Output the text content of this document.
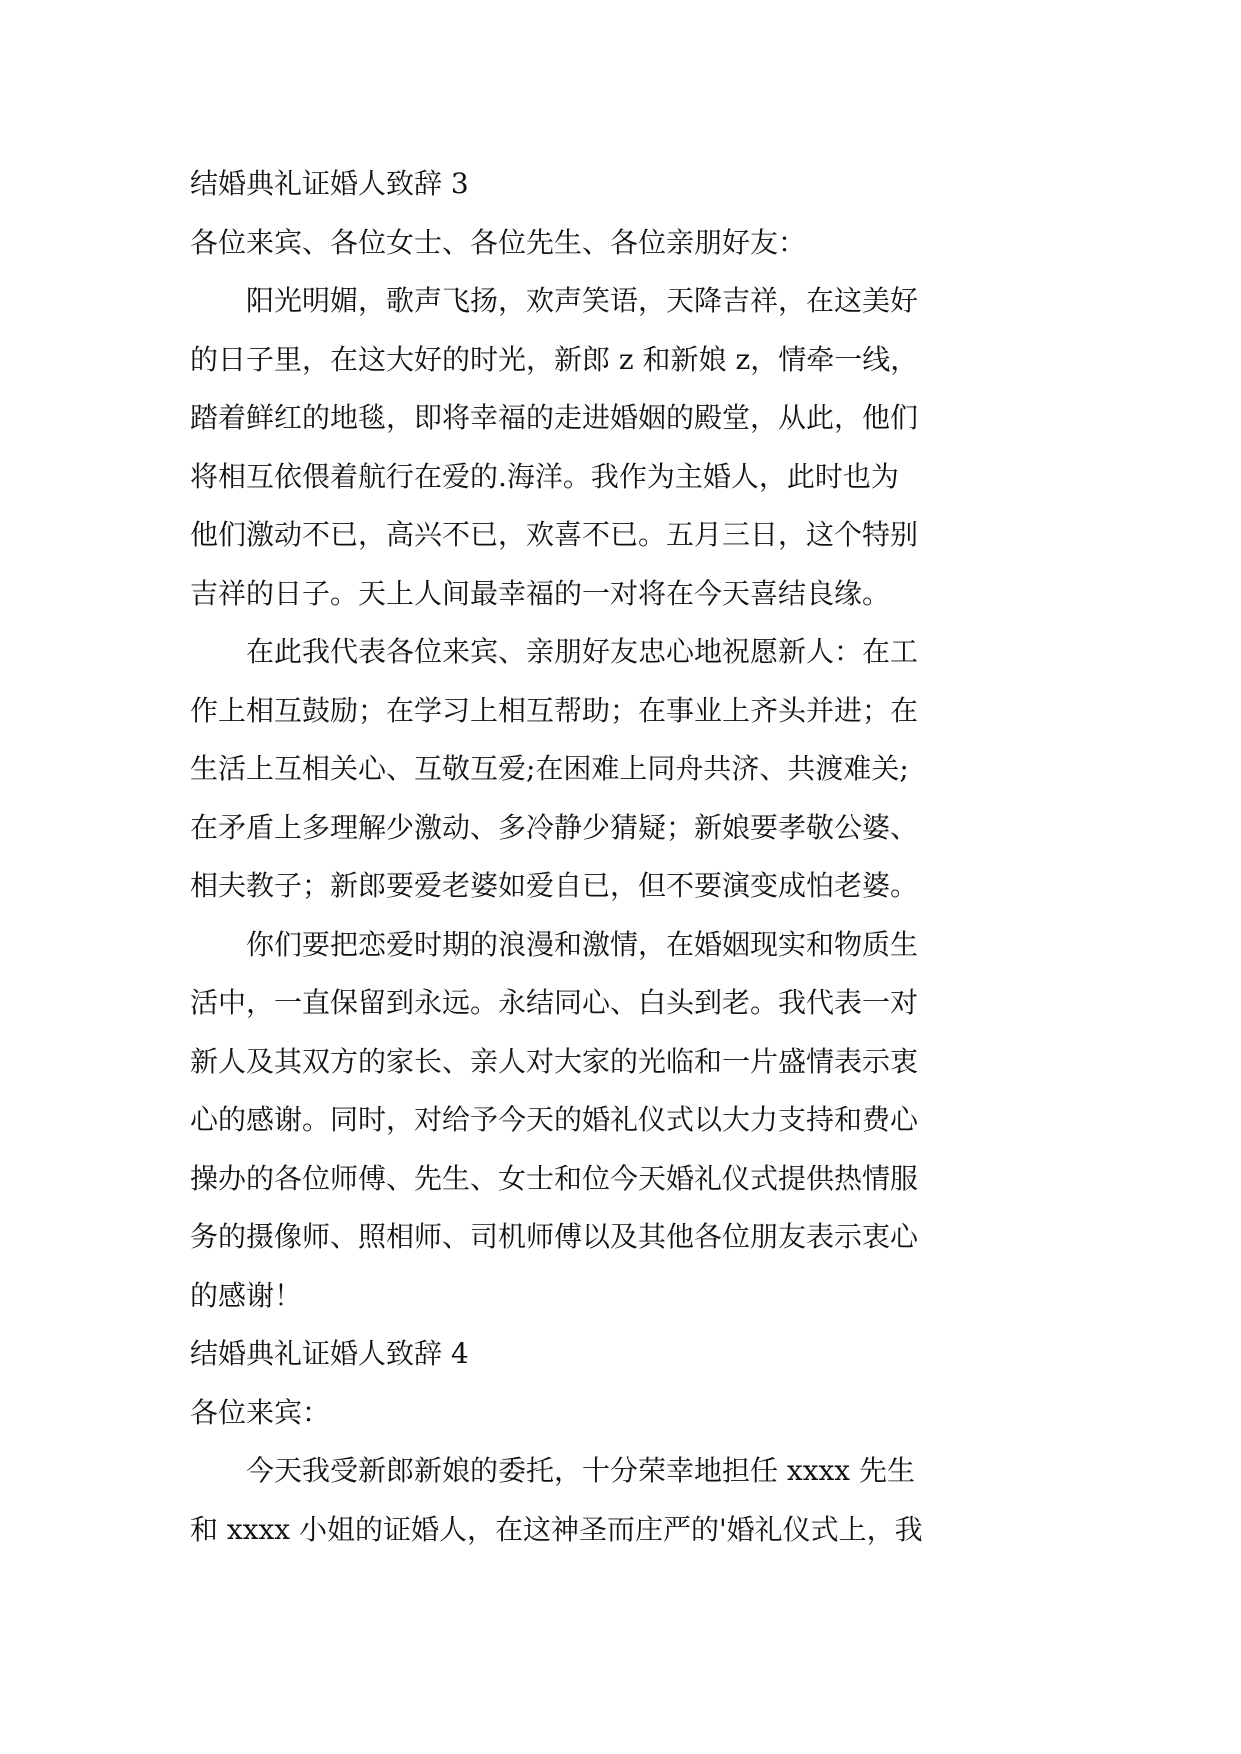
结婚典礼证婚人致辞 3

各位来宾、各位女士、各位先生、各位亲朋好友：

阳光明媚，歌声飞扬，欢声笑语，天降吉祥，在这美好
的日子里，在这大好的时光，新郎 z 和新娘 z，情牵一线，
踏着鲜红的地毯，即将幸福的走进婚姻的殿堂，从此，他们
将相互依偎着航行在爱的.海洋。我作为主婚人，此时也为
他们激动不已，高兴不已，欢喜不已。五月三日，这个特别
吉祥的日子。天上人间最幸福的一对将在今天喜结良缘。

在此我代表各位来宾、亲朋好友忠心地祝愿新人：在工
作上相互鼓励；在学习上相互帮助；在事业上齐头并进；在
生活上互相关心、互敬互爱;在困难上同舟共济、共渡难关;
在矛盾上多理解少激动、多冷静少猜疑；新娘要孝敬公婆、
相夫教子；新郎要爱老婆如爱自已，但不要演变成怕老婆。

你们要把恋爱时期的浪漫和激情，在婚姻现实和物质生
活中，一直保留到永远。永结同心、白头到老。我代表一对
新人及其双方的家长、亲人对大家的光临和一片盛情表示衷
心的感谢。同时，对给予今天的婚礼仪式以大力支持和费心
操办的各位师傅、先生、女士和位今天婚礼仪式提供热情服
务的摄像师、照相师、司机师傅以及其他各位朋友表示衷心
的感谢！

结婚典礼证婚人致辞 4

各位来宾：

今天我受新郎新娘的委托，十分荣幸地担任 xxxx 先生
和 xxxx 小姐的证婚人，在这神圣而庄严的'婚礼仪式上，我
